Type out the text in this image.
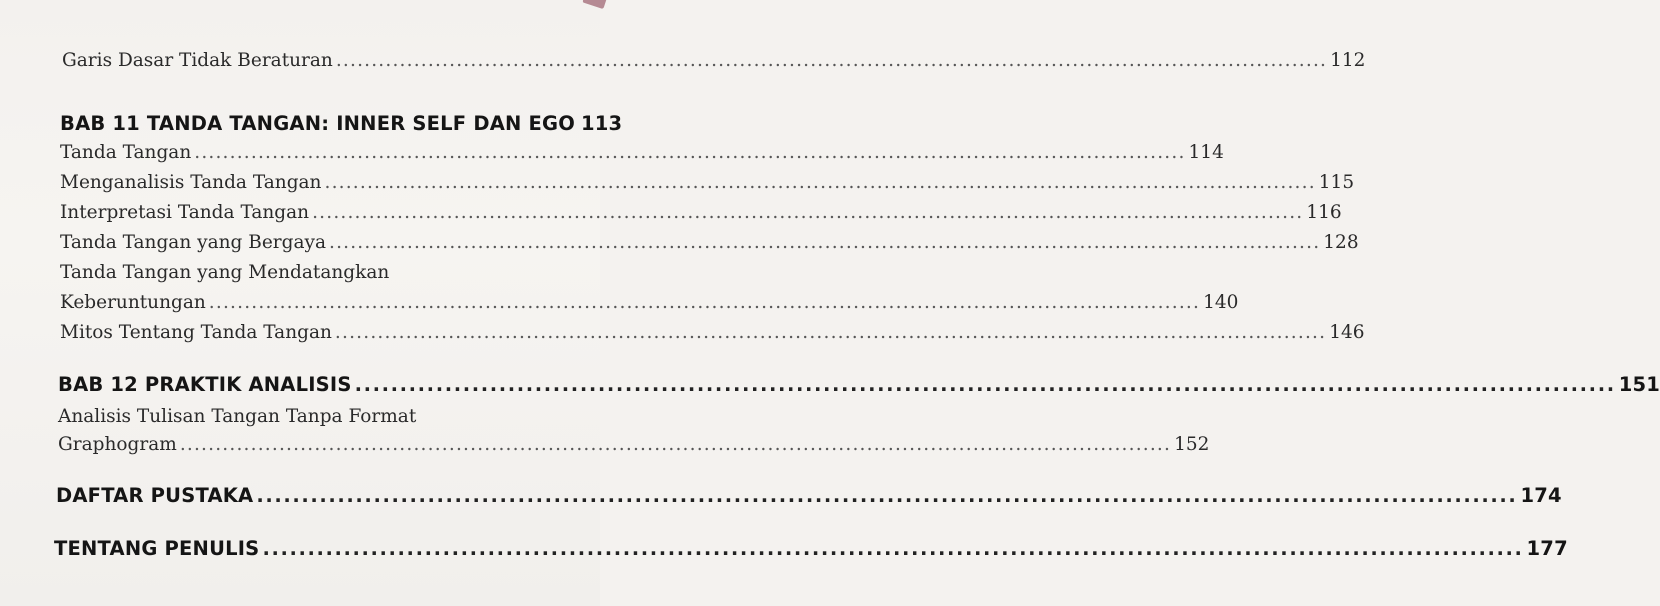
Garis Dasar Tidak Beraturan .....	112
BAB 11 TANDA TANGAN: INNER SELF DAN EGO 113
Tanda Tangan .....	114
Menganalisis Tanda Tangan .....	115
Interpretasi Tanda Tangan .....	116
Tanda Tangan yang Bergaya .....	128
Tanda Tangan yang Mendatangkan
Keberuntungan .....	140
Mitos Tentang Tanda Tangan .....	146
BAB 12 PRAKTIK ANALISIS .....	151
Analisis Tulisan Tangan Tanpa Format
Graphogram .....	152
DAFTAR PUSTAKA .....	174
TENTANG PENULIS .....	177
